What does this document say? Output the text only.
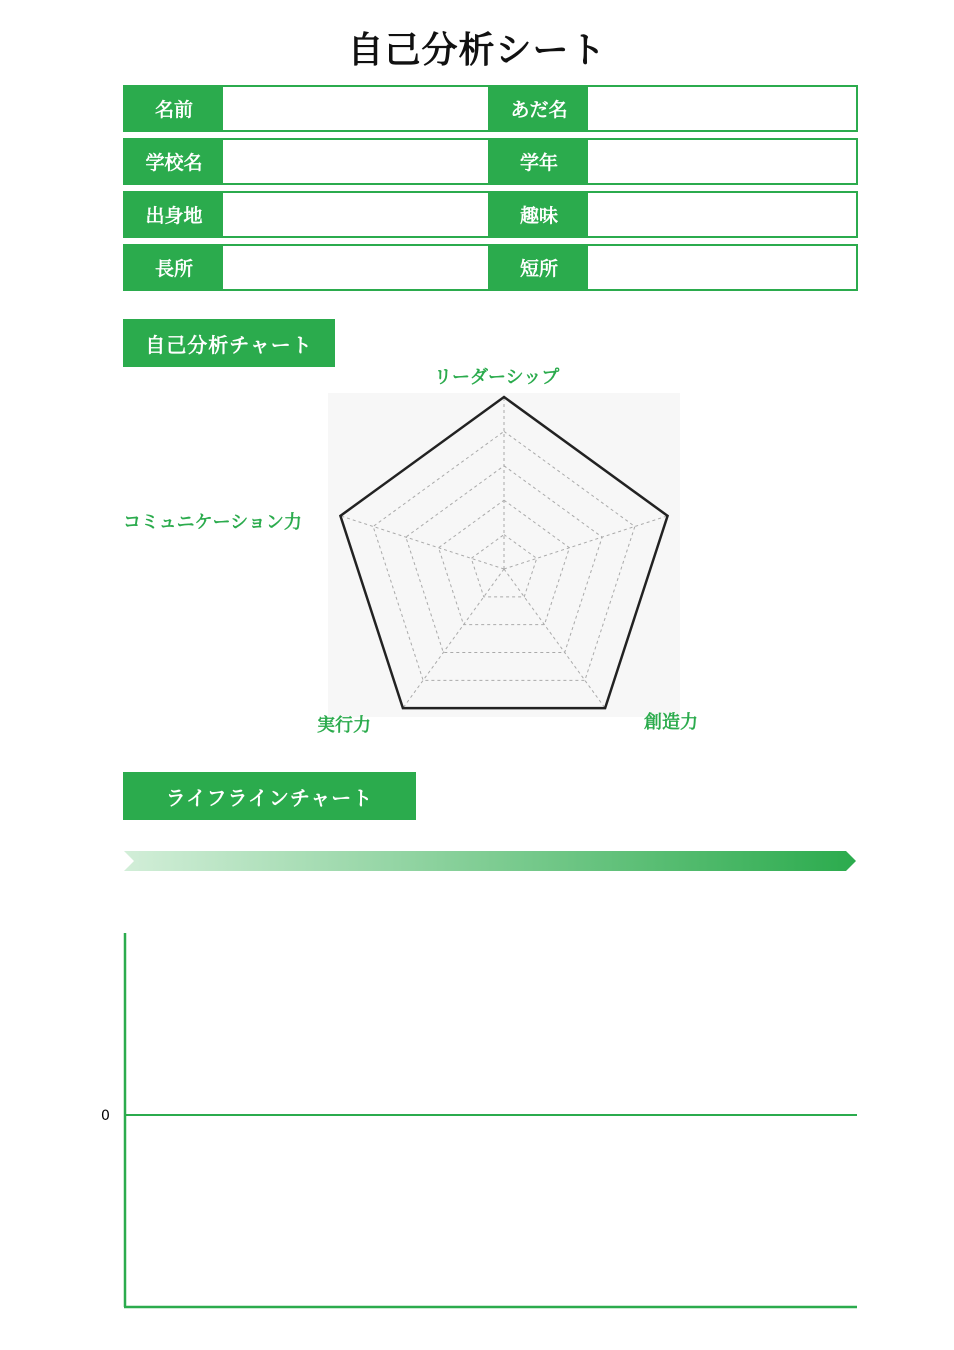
自己分析シート
名前	あだ名
学校名	学年
出身地	趣味
長所	短所
自己分析チャート
リーダーシップ
創造力
実行力
コミュニケーション力
ライフラインチャート
0
